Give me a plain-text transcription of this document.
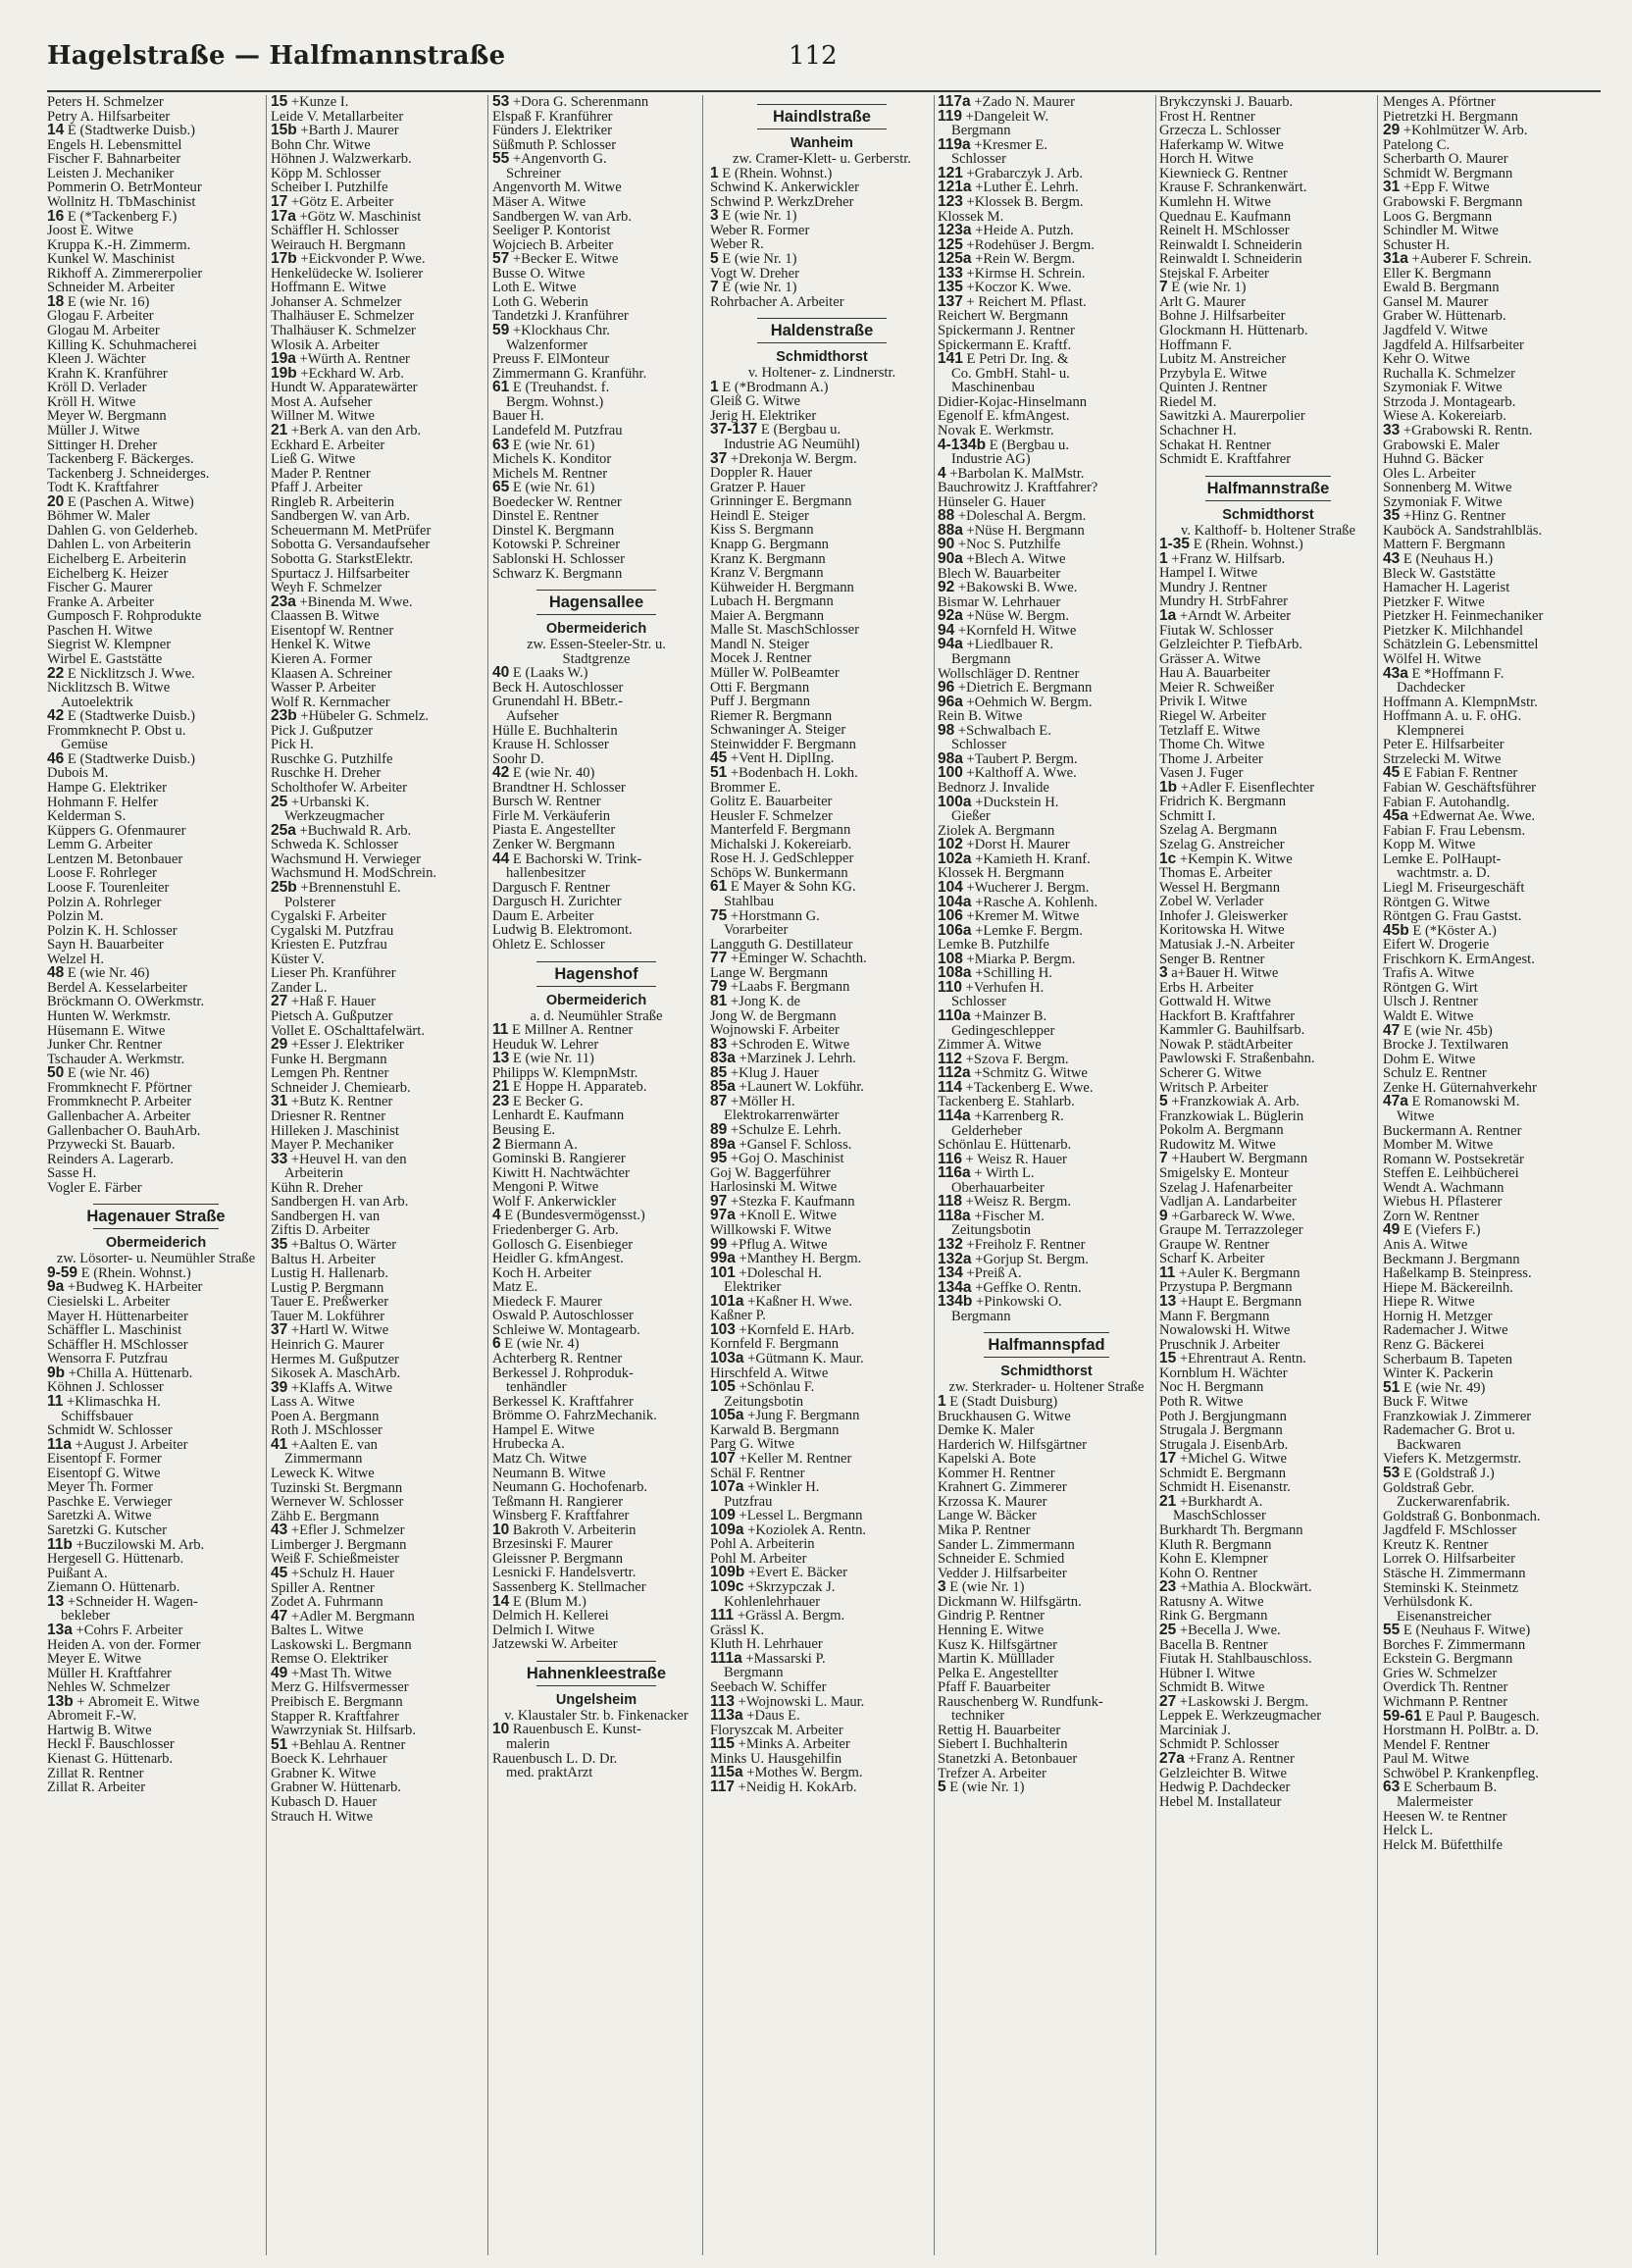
Hagelstraße — Halfmannstraße	112
Peters H. Schmelzer
Petry A. Hilfsarbeiter
14 E (Stadtwerke Duisb.)
Engels H. Lebensmittel
Fischer F. Bahnarbeiter
Leisten J. Mechaniker
Pommerin O. BetrMonteur
Wollnitz H. TbMaschinist
16 E (*Tackenberg F.)
Joost E. Witwe
Kruppa K.-H. Zimmerm.
Kunkel W. Maschinist
Rikhoff A. Zimmererpolier
Schneider M. Arbeiter
18 E (wie Nr. 16)
Glogau F. Arbeiter
Glogau M. Arbeiter
Killing K. Schuhmacherei
Kleen J. Wächter
Krahn K. Kranführer
Kröll D. Verlader
Kröll H. Witwe
Meyer W. Bergmann
Müller J. Witwe
Sittinger H. Dreher
Tackenberg F. Bäckerges.
Tackenberg J. Schneiderges.
Todt K. Kraftfahrer
20 E (Paschen A. Witwe)
Böhmer W. Maler
Dahlen G. von Gelderheb.
Dahlen L. von Arbeiterin
Eichelberg E. Arbeiterin
Eichelberg K. Heizer
Fischer G. Maurer
Franke A. Arbeiter
Gumposch F. Rohprodukte
Paschen H. Witwe
Siegrist W. Klempner
Wirbel E. Gaststätte
22 E Nicklitzsch J. Wwe.
Nicklitzsch B. Witwe
Autoelektrik
42 E (Stadtwerke Duisb.)
Frommknecht P. Obst u.
Gemüse
46 E (Stadtwerke Duisb.)
Dubois M.
Hampe G. Elektriker
Hohmann F. Helfer
Kelderman S.
Küppers G. Ofenmaurer
Lemm G. Arbeiter
Lentzen M. Betonbauer
Loose F. Rohrleger
Loose F. Tourenleiter
Polzin A. Rohrleger
Polzin M.
Polzin K. H. Schlosser
Sayn H. Bauarbeiter
Welzel H.
48 E (wie Nr. 46)
Berdel A. Kesselarbeiter
Bröckmann O. OWerkmstr.
Hunten W. Werkmstr.
Hüsemann E. Witwe
Junker Chr. Rentner
Tschauder A. Werkmstr.
50 E (wie Nr. 46)
Frommknecht F. Pförtner
Frommknecht P. Arbeiter
Gallenbacher A. Arbeiter
Gallenbacher O. BauhArb.
Przywecki St. Bauarb.
Reinders A. Lagerarb.
Sasse H.
Vogler E. Färber
Hagenauer Straße
Obermeiderich
zw. Lösorter- u. Neumühler Straße
9-59 E (Rhein. Wohnst.)
9a +Budweg K. HArbeiter
Ciesielski L. Arbeiter
Mayer H. Hüttenarbeiter
Schäffler L. Maschinist
Schäffler H. MSchlosser
Wensorra F. Putzfrau
9b +Chilla A. Hüttenarb.
Köhnen J. Schlosser
11 +Klimaschka H.
Schiffsbauer
Schmidt W. Schlosser
11a +August J. Arbeiter
Eisentopf F. Former
Eisentopf G. Witwe
Meyer Th. Former
Paschke E. Verwieger
Saretzki A. Witwe
Saretzki G. Kutscher
11b +Buczilowski M. Arb.
Hergesell G. Hüttenarb.
Puißant A.
Ziemann O. Hüttenarb.
13 +Schneider H. Wagen-
bekleber
13a +Cohrs F. Arbeiter
Heiden A. von der. Former
Meyer E. Witwe
Müller H. Kraftfahrer
Nehles W. Schmelzer
13b + Abromeit E. Witwe
Abromeit F.-W.
Hartwig B. Witwe
Heckl F. Bauschlosser
Kienast G. Hüttenarb.
Zillat R. Rentner
Zillat R. Arbeiter
15 +Kunze I.
Leide V. Metallarbeiter
15b +Barth J. Maurer
Bohn Chr. Witwe
Höhnen J. Walzwerkarb.
Köpp M. Schlosser
Scheiber I. Putzhilfe
17 +Götz E. Arbeiter
17a +Götz W. Maschinist
Schäffler H. Schlosser
Weirauch H. Bergmann
17b +Eickvonder P. Wwe.
Henkelüdecke W. Isolierer
Hoffmann E. Witwe
Johanser A. Schmelzer
Thalhäuser E. Schmelzer
Thalhäuser K. Schmelzer
Wlosik A. Arbeiter
19a +Würth A. Rentner
19b +Eckhard W. Arb.
Hundt W. Apparatewärter
Most A. Aufseher
Willner M. Witwe
21 +Berk A. van den Arb.
Eckhard E. Arbeiter
Ließ G. Witwe
Mader P. Rentner
Pfaff J. Arbeiter
Ringleb R. Arbeiterin
Sandbergen W. van Arb.
Scheuermann M. MetPrüfer
Sobotta G. Versandaufseher
Sobotta G. StarkstElektr.
Spurtacz J. Hilfsarbeiter
Weyh F. Schmelzer
23a +Binenda M. Wwe.
Claassen B. Witwe
Eisentopf W. Rentner
Henkel K. Witwe
Kieren A. Former
Klaasen A. Schreiner
Wasser P. Arbeiter
Wolf R. Kernmacher
23b +Hübeler G. Schmelz.
Pick J. Gußputzer
Pick H.
Ruschke G. Putzhilfe
Ruschke H. Dreher
Scholthofer W. Arbeiter
25 +Urbanski K.
Werkzeugmacher
25a +Buchwald R. Arb.
Schweda K. Schlosser
Wachsmund H. Verwieger
Wachsmund H. ModSchrein.
25b +Brennenstuhl E.
Polsterer
Cygalski F. Arbeiter
Cygalski M. Putzfrau
Kriesten E. Putzfrau
Küster V.
Lieser Ph. Kranführer
Zander L.
27 +Haß F. Hauer
Pietsch A. Gußputzer
Vollet E. OSchalttafelwärt.
29 +Esser J. Elektriker
Funke H. Bergmann
Lemgen Ph. Rentner
Schneider J. Chemiearb.
31 +Butz K. Rentner
Driesner R. Rentner
Hilleken J. Maschinist
Mayer P. Mechaniker
33 +Heuvel H. van den
Arbeiterin
Kühn R. Dreher
Sandbergen H. van Arb.
Sandbergen H. van
Ziftis D. Arbeiter
35 +Baltus O. Wärter
Baltus H. Arbeiter
Lustig H. Hallenarb.
Lustig P. Bergmann
Tauer E. Preßwerker
Tauer M. Lokführer
37 +Hartl W. Witwe
Heinrich G. Maurer
Hermes M. Gußputzer
Sikosek A. MaschArb.
39 +Klaffs A. Witwe
Lass A. Witwe
Poen A. Bergmann
Roth J. MSchlosser
41 +Aalten E. van
Zimmermann
Leweck K. Witwe
Tuzinski St. Bergmann
Wernever W. Schlosser
Zähb E. Bergmann
43 +Efler J. Schmelzer
Limberger J. Bergmann
Weiß F. Schießmeister
45 +Schulz H. Hauer
Spiller A. Rentner
Zodet A. Fuhrmann
47 +Adler M. Bergmann
Baltes L. Witwe
Laskowski L. Bergmann
Remse O. Elektriker
49 +Mast Th. Witwe
Merz G. Hilfsvermesser
Preibisch E. Bergmann
Stapper R. Kraftfahrer
Wawrzyniak St. Hilfsarb.
51 +Behlau A. Rentner
Boeck K. Lehrhauer
Grabner K. Witwe
Grabner W. Hüttenarb.
Kubasch D. Hauer
Strauch H. Witwe
53 +Dora G. Scherenmann
Elspaß F. Kranführer
Fünders J. Elektriker
Süßmuth P. Schlosser
55 +Angenvorth G.
Schreiner
Angenvorth M. Witwe
Mäser A. Witwe
Sandbergen W. van Arb.
Seeliger P. Kontorist
Wojciech B. Arbeiter
57 +Becker E. Witwe
Busse O. Witwe
Loth E. Witwe
Loth G. Weberin
Tandetzki J. Kranführer
59 +Klockhaus Chr.
Walzenformer
Preuss F. ElMonteur
Zimmermann G. Kranführ.
61 E (Treuhandst. f.
Bergm. Wohnst.)
Bauer H.
Landefeld M. Putzfrau
63 E (wie Nr. 61)
Michels K. Konditor
Michels M. Rentner
65 E (wie Nr. 61)
Boedecker W. Rentner
Dinstel E. Rentner
Dinstel K. Bergmann
Kotowski P. Schreiner
Sablonski H. Schlosser
Schwarz K. Bergmann
Hagensallee
Obermeiderich
zw. Essen-Steeler-Str. u. Stadtgrenze
40 E (Laaks W.)
Beck H. Autoschlosser
Grunendahl H. BBetr.-
Aufseher
Hülle E. Buchhalterin
Krause H. Schlosser
Soohr D.
42 E (wie Nr. 40)
Brandtner H. Schlosser
Bursch W. Rentner
Firle M. Verkäuferin
Piasta E. Angestellter
Zenker W. Bergmann
44 E Bachorski W. Trink-
hallenbesitzer
Dargusch F. Rentner
Dargusch H. Zurichter
Daum E. Arbeiter
Ludwig B. Elektromont.
Ohletz E. Schlosser
Hagenshof
Obermeiderich
a. d. Neumühler Straße
11 E Millner A. Rentner
Heuduk W. Lehrer
13 E (wie Nr. 11)
Philipps W. KlempnMstr.
21 E Hoppe H. Apparateb.
23 E Becker G.
Lenhardt E. Kaufmann
Beusing E.
2 Biermann A.
Gominski B. Rangierer
Kiwitt H. Nachtwächter
Mengoni P. Witwe
Wolf F. Ankerwickler
4 E (Bundesvermögensst.)
Friedenberger G. Arb.
Gollosch G. Eisenbieger
Heidler G. kfmAngest.
Koch H. Arbeiter
Matz E.
Miedeck F. Maurer
Oswald P. Autoschlosser
Schleiwe W. Montagearb.
6 E (wie Nr. 4)
Achterberg R. Rentner
Berkessel J. Rohproduk-
tenhändler
Berkessel K. Kraftfahrer
Brömme O. FahrzMechanik.
Hampel E. Witwe
Hrubecka A.
Matz Ch. Witwe
Neumann B. Witwe
Neumann G. Hochofenarb.
Teßmann H. Rangierer
Winsberg F. Kraftfahrer
10 Bakroth V. Arbeiterin
Brzesinski F. Maurer
Gleissner P. Bergmann
Lesnicki F. Handelsvertr.
Sassenberg K. Stellmacher
14 E (Blum M.)
Delmich H. Kellerei
Delmich I. Witwe
Jatzewski W. Arbeiter
Hahnenkleestraße
Ungelsheim
v. Klaustaler Str. b. Finkenacker
10 Rauenbusch E. Kunst-
malerin
Rauenbusch L. D. Dr.
med. praktArzt
Haindlstraße
Wanheim
zw. Cramer-Klett- u. Gerberstr.
1 E (Rhein. Wohnst.)
Schwind K. Ankerwickler
Schwind P. WerkzDreher
3 E (wie Nr. 1)
Weber R. Former
Weber R.
5 E (wie Nr. 1)
Vogt W. Dreher
7 E (wie Nr. 1)
Rohrbacher A. Arbeiter
Haldenstraße
Schmidthorst
v. Holtener- z. Lindnerstr.
1 E (*Brodmann A.)
Gleiß G. Witwe
Jerig H. Elektriker
37-137 E (Bergbau u.
Industrie AG Neumühl)
37 +Drekonja W. Bergm.
Doppler R. Hauer
Gratzer P. Hauer
Grinninger E. Bergmann
Heindl E. Steiger
Kiss S. Bergmann
Knapp G. Bergmann
Kranz K. Bergmann
Kranz V. Bergmann
Kühweider H. Bergmann
Lubach H. Bergmann
Maier A. Bergmann
Malle St. MaschSchlosser
Mandl N. Steiger
Mocek J. Rentner
Müller W. PolBeamter
Otti F. Bergmann
Puff J. Bergmann
Riemer R. Bergmann
Schwaninger A. Steiger
Steinwidder F. Bergmann
45 +Vent H. DiplIng.
51 +Bodenbach H. Lokh.
Brommer E.
Golitz E. Bauarbeiter
Heusler F. Schmelzer
Manterfeld F. Bergmann
Michalski J. Kokereiarb.
Rose H. J. GedSchlepper
Schöps W. Bunkermann
61 E Mayer & Sohn KG.
Stahlbau
75 +Horstmann G.
Vorarbeiter
Langguth G. Destillateur
77 +Eminger W. Schachth.
Lange W. Bergmann
79 +Laabs F. Bergmann
81 +Jong K. de
Jong W. de Bergmann
Wojnowski F. Arbeiter
83 +Schroden E. Witwe
83a +Marzinek J. Lehrh.
85 +Klug J. Hauer
85a +Launert W. Lokführ.
87 +Möller H.
Elektrokarrenwärter
89 +Schulze E. Lehrh.
89a +Gansel F. Schloss.
95 +Goj O. Maschinist
Goj W. Baggerführer
Harlosinski M. Witwe
97 +Stezka F. Kaufmann
97a +Knoll E. Witwe
Willkowski F. Witwe
99 +Pflug A. Witwe
99a +Manthey H. Bergm.
101 +Doleschal H.
Elektriker
101a +Kaßner H. Wwe.
Kaßner P.
103 +Kornfeld E. HArb.
Kornfeld F. Bergmann
103a +Gütmann K. Maur.
Hirschfeld A. Witwe
105 +Schönlau F.
Zeitungsbotin
105a +Jung F. Bergmann
Karwald B. Bergmann
Parg G. Witwe
107 +Keller M. Rentner
Schäl F. Rentner
107a +Winkler H.
Putzfrau
109 +Lessel L. Bergmann
109a +Koziolek A. Rentn.
Pohl A. Arbeiterin
Pohl M. Arbeiter
109b +Evert E. Bäcker
109c +Skrzypczak J.
Kohlenlehrhauer
111 +Grässl A. Bergm.
Grässl K.
Kluth H. Lehrhauer
111a +Massarski P.
Bergmann
Seebach W. Schiffer
113 +Wojnowski L. Maur.
113a +Daus E.
Floryszcak M. Arbeiter
115 +Minks A. Arbeiter
Minks U. Hausgehilfin
115a +Mothes W. Bergm.
117 +Neidig H. KokArb.
117a +Zado N. Maurer
119 +Dangeleit W.
Bergmann
119a +Kresmer E.
Schlosser
121 +Grabarczyk J. Arb.
121a +Luther E. Lehrh.
123 +Klossek B. Bergm.
Klossek M.
123a +Heide A. Putzh.
125 +Rodehüser J. Bergm.
125a +Rein W. Bergm.
133 +Kirmse H. Schrein.
135 +Koczor K. Wwe.
137 + Reichert M. Pflast.
Reichert W. Bergmann
Spickermann J. Rentner
Spickermann E. Kraftf.
141 E Petri Dr. Ing. &
Co. GmbH. Stahl- u.
Maschinenbau
Didier-Kojac-Hinselmann
Egenolf E. kfmAngest.
Novak E. Werkmstr.
4-134b E (Bergbau u.
Industrie AG)
4 +Barbolan K. MalMstr.
Bauchrowitz J. Kraftfahrer?
Hünseler G. Hauer
88 +Doleschal A. Bergm.
88a +Nüse H. Bergmann
90 +Noc S. Putzhilfe
90a +Blech A. Witwe
Blech W. Bauarbeiter
92 +Bakowski B. Wwe.
Bismar W. Lehrhauer
92a +Nüse W. Bergm.
94 +Kornfeld H. Witwe
94a +Liedlbauer R.
Bergmann
Wollschläger D. Rentner
96 +Dietrich E. Bergmann
96a +Oehmich W. Bergm.
Rein B. Witwe
98 +Schwalbach E.
Schlosser
98a +Taubert P. Bergm.
100 +Kalthoff A. Wwe.
Bednorz J. Invalide
100a +Duckstein H.
Gießer
Ziolek A. Bergmann
102 +Dorst H. Maurer
102a +Kamieth H. Kranf.
Klossek H. Bergmann
104 +Wucherer J. Bergm.
104a +Rasche A. Kohlenh.
106 +Kremer M. Witwe
106a +Lemke F. Bergm.
Lemke B. Putzhilfe
108 +Miarka P. Bergm.
108a +Schilling H.
110 +Verhufen H.
Schlosser
110a +Mainzer B.
Gedingeschlepper
Zimmer A. Witwe
112 +Szova F. Bergm.
112a +Schmitz G. Witwe
114 +Tackenberg E. Wwe.
Tackenberg E. Stahlarb.
114a +Karrenberg R.
Gelderheber
Schönlau E. Hüttenarb.
116 + Weisz R. Hauer
116a + Wirth L.
Oberhauarbeiter
118 +Weisz R. Bergm.
118a +Fischer M.
Zeitungsbotin
132 +Freiholz F. Rentner
132a +Gorjup St. Bergm.
134 +Preiß A.
134a +Geffke O. Rentn.
134b +Pinkowski O.
Bergmann
Halfmannspfad
Schmidthorst
zw. Sterkrader- u. Holtener Straße
1 E (Stadt Duisburg)
Bruckhausen G. Witwe
Demke K. Maler
Harderich W. Hilfsgärtner
Kapelski A. Bote
Kommer H. Rentner
Krahnert G. Zimmerer
Krzossa K. Maurer
Lange W. Bäcker
Mika P. Rentner
Sander L. Zimmermann
Schneider E. Schmied
Vedder J. Hilfsarbeiter
3 E (wie Nr. 1)
Dickmann W. Hilfsgärtn.
Gindrig P. Rentner
Henning E. Witwe
Kusz K. Hilfsgärtner
Martin K. Mülllader
Pelka E. Angestellter
Pfaff F. Bauarbeiter
Rauschenberg W. Rundfunk-
techniker
Rettig H. Bauarbeiter
Siebert I. Buchhalterin
Stanetzki A. Betonbauer
Trefzer A. Arbeiter
5 E (wie Nr. 1)
Brykczynski J. Bauarb.
Frost H. Rentner
Grzecza L. Schlosser
Haferkamp W. Witwe
Horch H. Witwe
Kiewnieck G. Rentner
Krause F. Schrankenwärt.
Kumlehn H. Witwe
Quednau E. Kaufmann
Reinelt H. MSchlosser
Reinwaldt I. Schneiderin
Reinwaldt I. Schneiderin
Stejskal F. Arbeiter
7 E (wie Nr. 1)
Arlt G. Maurer
Bohne J. Hilfsarbeiter
Glockmann H. Hüttenarb.
Hoffmann F.
Lubitz M. Anstreicher
Przybyla E. Witwe
Quinten J. Rentner
Riedel M.
Sawitzki A. Maurerpolier
Schachner H.
Schakat H. Rentner
Schmidt E. Kraftfahrer
Halfmannstraße
Schmidthorst
v. Kalthoff- b. Holtener Straße
1-35 E (Rhein. Wohnst.)
1 +Franz W. Hilfsarb.
Hampel I. Witwe
Mundry J. Rentner
Mundry H. StrbFahrer
1a +Arndt W. Arbeiter
Fiutak W. Schlosser
Gelzleichter P. TiefbArb.
Grässer A. Witwe
Hau A. Bauarbeiter
Meier R. Schweißer
Privik I. Witwe
Riegel W. Arbeiter
Tetzlaff E. Witwe
Thome Ch. Witwe
Thome J. Arbeiter
Vasen J. Fuger
1b +Adler F. Eisenflechter
Fridrich K. Bergmann
Schmitt I.
Szelag A. Bergmann
Szelag G. Anstreicher
1c +Kempin K. Witwe
Thomas E. Arbeiter
Wessel H. Bergmann
Zobel W. Verlader
Inhofer J. Gleiswerker
Koritowska H. Witwe
Matusiak J.-N. Arbeiter
Senger B. Rentner
3 a+Bauer H. Witwe
Erbs H. Arbeiter
Gottwald H. Witwe
Hackfort B. Kraftfahrer
Kammler G. Bauhilfsarb.
Nowak P. städtArbeiter
Pawlowski F. Straßenbahn.
Scherer G. Witwe
Writsch P. Arbeiter
5 +Franzkowiak A. Arb.
Franzkowiak L. Büglerin
Pokolm A. Bergmann
Rudowitz M. Witwe
7 +Haubert W. Bergmann
Smigelsky E. Monteur
Szelag J. Hafenarbeiter
Vadljan A. Landarbeiter
9 +Garbareck W. Wwe.
Graupe M. Terrazzoleger
Graupe W. Rentner
Scharf K. Arbeiter
11 +Auler K. Bergmann
Przystupa P. Bergmann
13 +Haupt E. Bergmann
Mann F. Bergmann
Nowalowski H. Witwe
Pruschnik J. Arbeiter
15 +Ehrentraut A. Rentn.
Kornblum H. Wächter
Noc H. Bergmann
Poth R. Witwe
Poth J. Bergjungmann
Strugala J. Bergmann
Strugala J. EisenbArb.
17 +Michel G. Witwe
Schmidt E. Bergmann
Schmidt H. Eisenanstr.
21 +Burkhardt A.
MaschSchlosser
Burkhardt Th. Bergmann
Kluth R. Bergmann
Kohn E. Klempner
Kohn O. Rentner
23 +Mathia A. Blockwärt.
Ratusny A. Witwe
Rink G. Bergmann
25 +Becella J. Wwe.
Bacella B. Rentner
Fiutak H. Stahlbauschloss.
Hübner I. Witwe
Schmidt B. Witwe
27 +Laskowski J. Bergm.
Leppek E. Werkzeugmacher
Marciniak J.
Schmidt P. Schlosser
27a +Franz A. Rentner
Gelzleichter B. Witwe
Hedwig P. Dachdecker
Hebel M. Installateur
Menges A. Pförtner
Pietretzki H. Bergmann
29 +Kohlmützer W. Arb.
Patelong C.
Scherbarth O. Maurer
Schmidt W. Bergmann
31 +Epp F. Witwe
Grabowski F. Bergmann
Loos G. Bergmann
Schindler M. Witwe
Schuster H.
31a +Auberer F. Schrein.
Eller K. Bergmann
Ewald B. Bergmann
Gansel M. Maurer
Graber W. Hüttenarb.
Jagdfeld V. Witwe
Jagdfeld A. Hilfsarbeiter
Kehr O. Witwe
Ruchalla K. Schmelzer
Szymoniak F. Witwe
Strzoda J. Montagearb.
Wiese A. Kokereiarb.
33 +Grabowski R. Rentn.
Grabowski E. Maler
Huhnd G. Bäcker
Oles L. Arbeiter
Sonnenberg M. Witwe
Szymoniak F. Witwe
35 +Hinz G. Rentner
Kauböck A. Sandstrahlbläs.
Mattern F. Bergmann
43 E (Neuhaus H.)
Bleck W. Gaststätte
Hamacher H. Lagerist
Pietzker F. Witwe
Pietzker H. Feinmechaniker
Pietzker K. Milchhandel
Schätzlein G. Lebensmittel
Wölfel H. Witwe
43a E *Hoffmann F.
Dachdecker
Hoffmann A. KlempnMstr.
Hoffmann A. u. F. oHG.
Klempnerei
Peter E. Hilfsarbeiter
Strzelecki M. Witwe
45 E Fabian F. Rentner
Fabian W. Geschäftsführer
Fabian F. Autohandlg.
45a +Edwernat Ae. Wwe.
Fabian F. Frau Lebensm.
Kopp M. Witwe
Lemke E. PolHaupt-
wachtmstr. a. D.
Liegl M. Friseurgeschäft
Röntgen G. Witwe
Röntgen G. Frau Gastst.
45b E (*Köster A.)
Eifert W. Drogerie
Frischkorn K. ErmAngest.
Trafis A. Witwe
Röntgen G. Wirt
Ulsch J. Rentner
Waldt E. Witwe
47 E (wie Nr. 45b)
Brocke J. Textilwaren
Dohm E. Witwe
Schulz E. Rentner
Zenke H. Güternahverkehr
47a E Romanowski M.
Witwe
Buckermann A. Rentner
Momber M. Witwe
Romann W. Postsekretär
Steffen E. Leihbücherei
Wendt A. Wachmann
Wiebus H. Pflasterer
Zorn W. Rentner
49 E (Viefers F.)
Anis A. Witwe
Beckmann J. Bergmann
Haßelkamp B. Steinpress.
Hiepe M. Bäckereilnh.
Hiepe R. Witwe
Hornig H. Metzger
Rademacher J. Witwe
Renz G. Bäckerei
Scherbaum B. Tapeten
Winter K. Packerin
51 E (wie Nr. 49)
Buck F. Witwe
Franzkowiak J. Zimmerer
Rademacher G. Brot u.
Backwaren
Viefers K. Metzgermstr.
53 E (Goldstraß J.)
Goldstraß Gebr.
Zuckerwarenfabrik.
Goldstraß G. Bonbonmach.
Jagdfeld F. MSchlosser
Kreutz K. Rentner
Lorrek O. Hilfsarbeiter
Stäsche H. Zimmermann
Steminski K. Steinmetz
Verhülsdonk K.
Eisenanstreicher
55 E (Neuhaus F. Witwe)
Borches F. Zimmermann
Eckstein G. Bergmann
Gries W. Schmelzer
Overdick Th. Rentner
Wichmann P. Rentner
59-61 E Paul P. Baugesch.
Horstmann H. PolBtr. a. D.
Mendel F. Rentner
Paul M. Witwe
Schwöbel P. Krankenpfleg.
63 E Scherbaum B.
Malermeister
Heesen W. te Rentner
Helck L.
Helck M. Büfetthilfe
